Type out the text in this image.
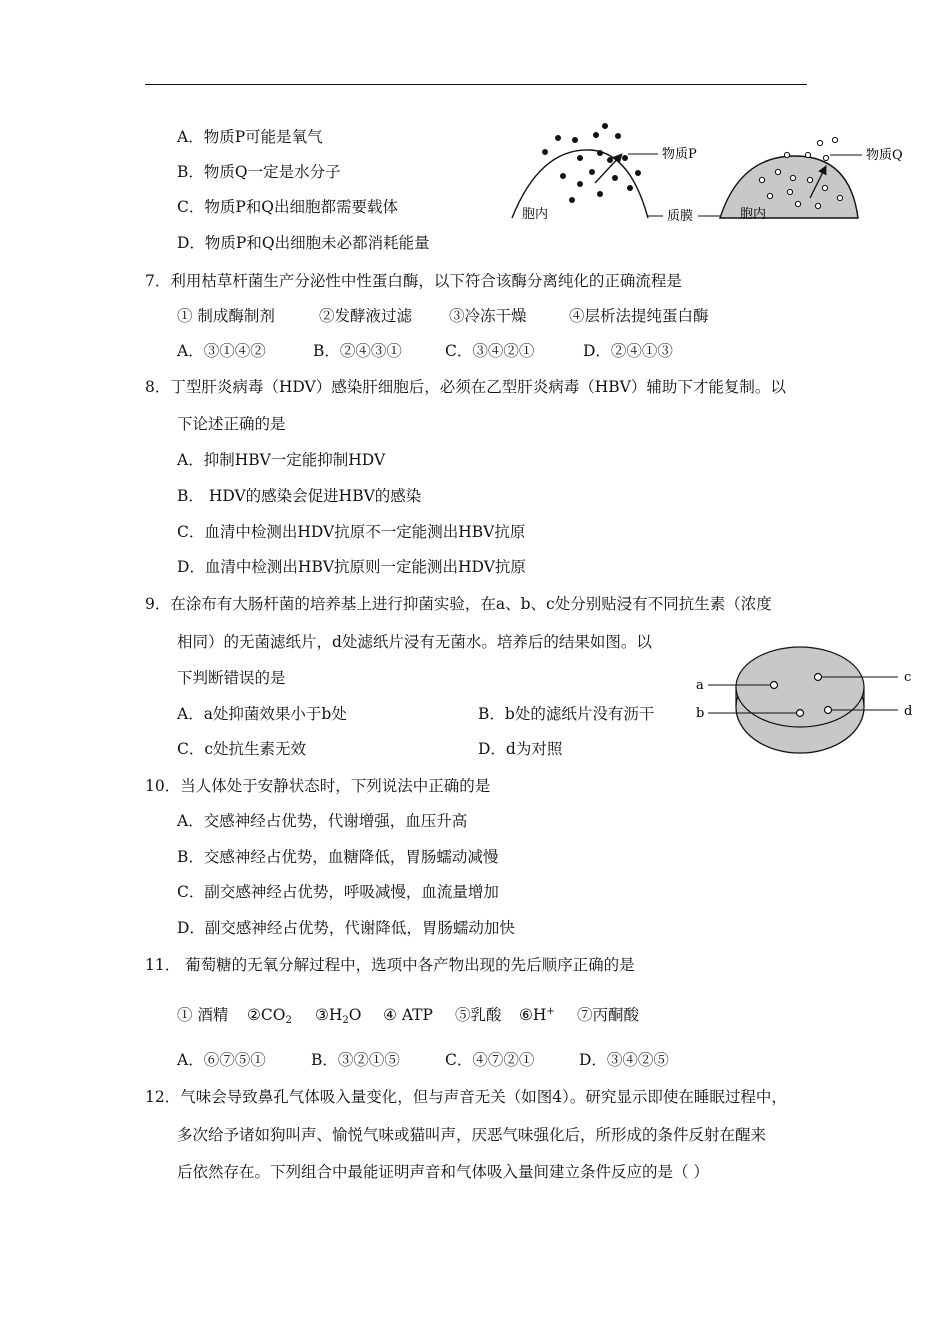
A．物质P可能是氧气
B．物质Q一定是水分子
C．物质P和Q出细胞都需要载体
D．物质P和Q出细胞未必都消耗能量
物质P
胞内	质膜
物质Q
胞内
7．利用枯草杆菌生产分泌性中性蛋白酶，以下符合该酶分离纯化的正确流程是
① 制成酶制剂	②发酵液过滤 ③冷冻干燥	④层析法提纯蛋白酶
A．③①④②	B．②④③①	C．③④②①	D．②④①③
8．丁型肝炎病毒（HDV）感染肝细胞后，必须在乙型肝炎病毒（HBV）辅助下才能复制。以
下论述正确的是
A．抑制HBV一定能抑制HDV
B． HDV的感染会促进HBV的感染
C．血清中检测出HDV抗原不一定能测出HBV抗原
D．血清中检测出HBV抗原则一定能测出HDV抗原
9．在涂布有大肠杆菌的培养基上进行抑菌实验，在a、b、c处分别贴浸有不同抗生素（浓度
相同）的无菌滤纸片，d处滤纸片浸有无菌水。培养后的结果如图。以
下判断错误的是
A．a处抑菌效果小于b处	B．b处的滤纸片没有沥干
C．c处抗生素无效	D．d为对照
a
c
b	d
10．当人体处于安静状态时，下列说法中正确的是
A．交感神经占优势，代谢增强，血压升高
B．交感神经占优势，血糖降低，胃肠蠕动减慢
C．副交感神经占优势，呼吸减慢，血流量增加
D．副交感神经占优势，代谢降低，胃肠蠕动加快
11． 葡萄糖的无氧分解过程中，选项中各产物出现的先后顺序正确的是
① 酒精 ②CO2 ③H2O ④ ATP ⑤乳酸 ⑥H+ ⑦丙酮酸
A．⑥⑦⑤①	B．③②①⑤	C．④⑦②①	D．③④②⑤
12．气味会导致鼻孔气体吸入量变化，但与声音无关（如图4）。研究显示即使在睡眠过程中，
多次给予诸如狗叫声、愉悦气味或猫叫声，厌恶气味强化后，所形成的条件反射在醒来
后依然存在。下列组合中最能证明声音和气体吸入量间建立条件反应的是（ ）
